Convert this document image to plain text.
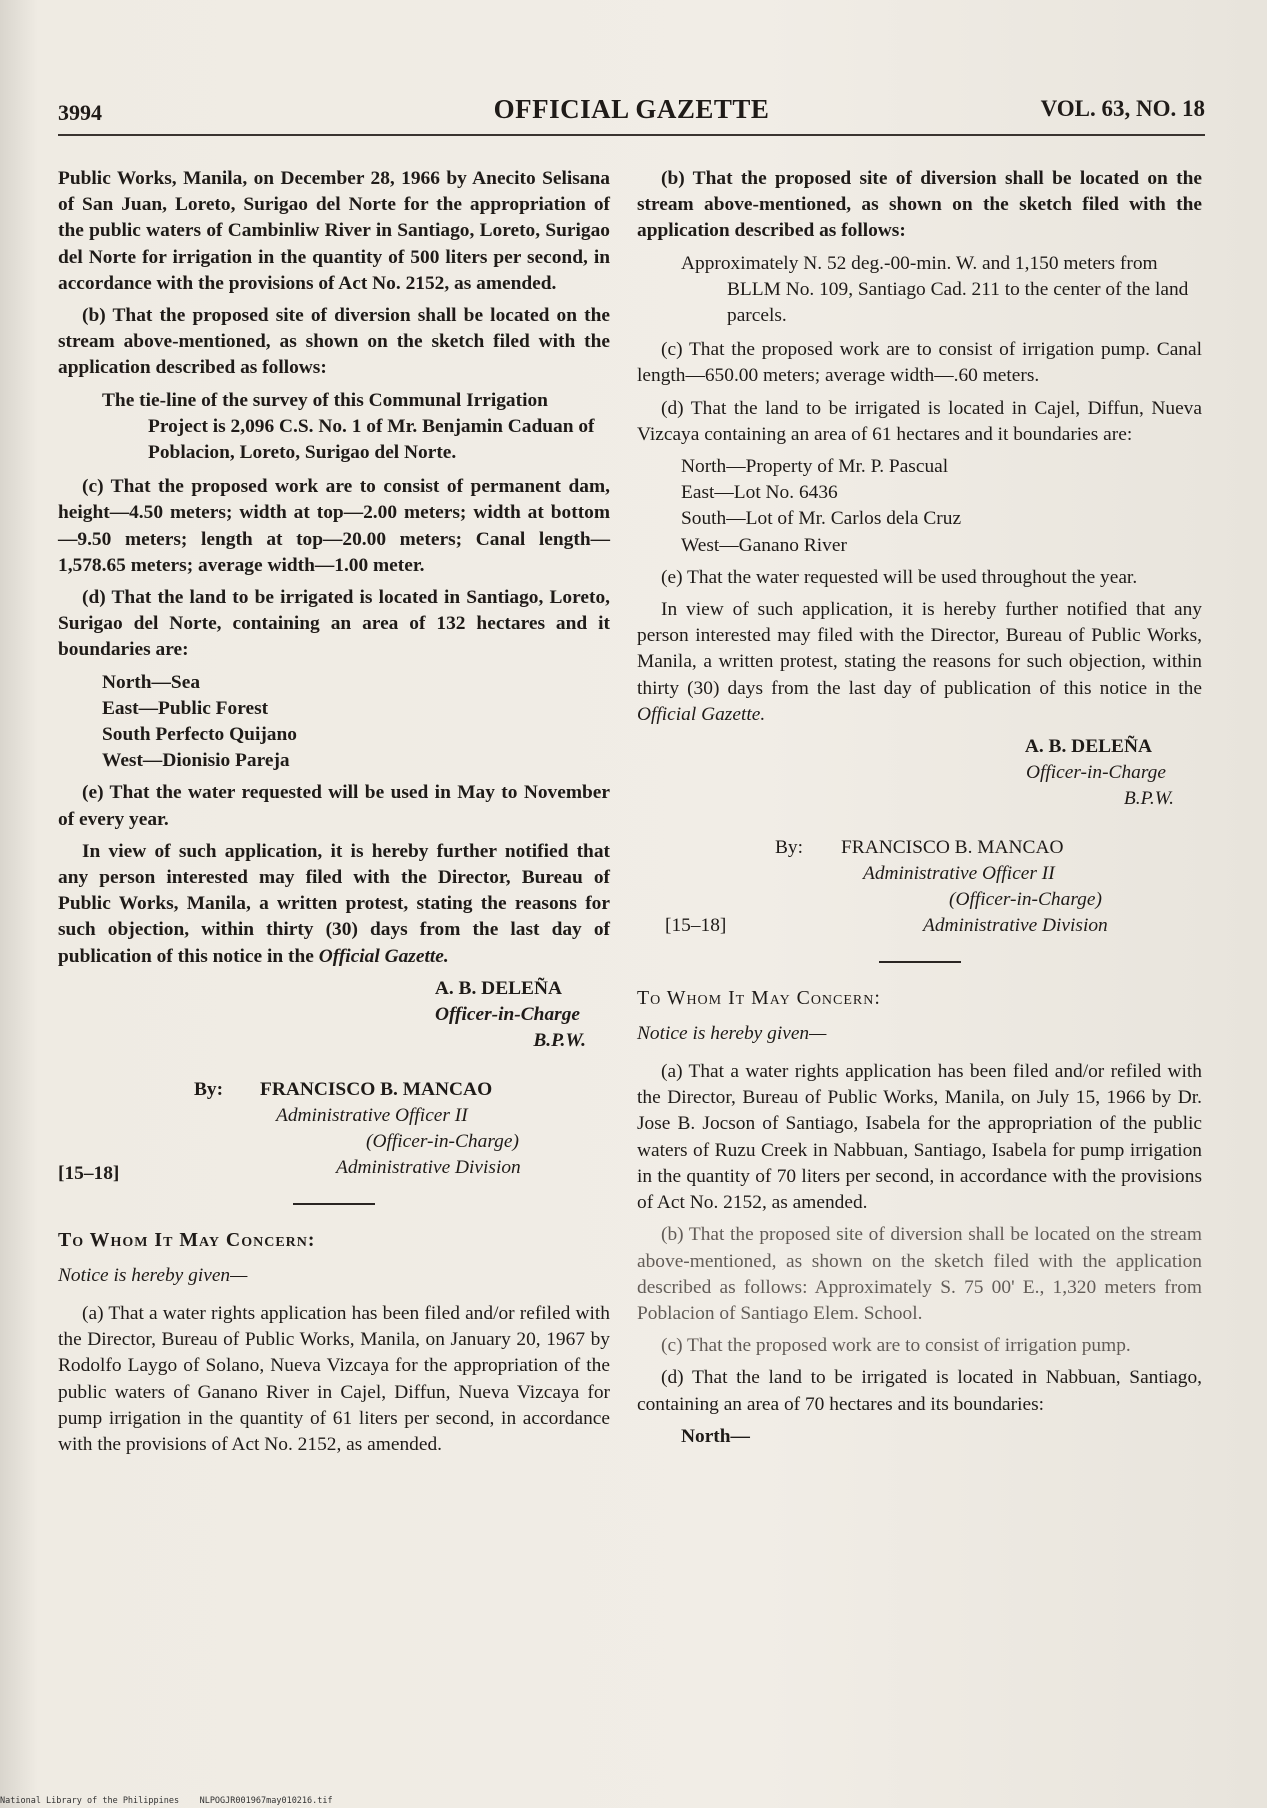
3994	OFFICIAL GAZETTE	VOL. 63, NO. 18

Public Works, Manila, on December 28, 1966 by Anecito Selisana of San Juan, Loreto, Surigao del Norte for the appropriation of the public waters of Cambinliw River in Santiago, Loreto, Surigao del Norte for irrigation in the quantity of 500 liters per second, in accordance with the provisions of Act No. 2152, as amended.

(b) That the proposed site of diversion shall be located on the stream above-mentioned, as shown on the sketch filed with the application described as follows:

The tie-line of the survey of this Communal Irrigation Project is 2,096 C.S. No. 1 of Mr. Benjamin Caduan of Poblacion, Loreto, Surigao del Norte.

(c) That the proposed work are to consist of permanent dam, height—4.50 meters; width at top—2.00 meters; width at bottom—9.50 meters; length at top—20.00 meters; Canal length—1,578.65 meters; average width—1.00 meter.

(d) That the land to be irrigated is located in Santiago, Loreto, Surigao del Norte, containing an area of 132 hectares and it boundaries are:

North—Sea
East—Public Forest
South Perfecto Quijano
West—Dionisio Pareja

(e) That the water requested will be used in May to November of every year.

In view of such application, it is hereby further notified that any person interested may filed with the Director, Bureau of Public Works, Manila, a written protest, stating the reasons for such objection, within thirty (30) days from the last day of publication of this notice in the Official Gazette.

A. B. DELEÑA
Officer-in-Charge
B.P.W.
By: FRANCISCO B. MANCAO
Administrative Officer II
(Officer-in-Charge)
Administrative Division
[15–18]
To Whom It May Concern:

Notice is hereby given—

(a) That a water rights application has been filed and/or refiled with the Director, Bureau of Public Works, Manila, on January 20, 1967 by Rodolfo Laygo of Solano, Nueva Vizcaya for the appropriation of the public waters of Ganano River in Cajel, Diffun, Nueva Vizcaya for pump irrigation in the quantity of 61 liters per second, in accordance with the provisions of Act No. 2152, as amended.

(b) That the proposed site of diversion shall be located on the stream above-mentioned, as shown on the sketch filed with the application described as follows:

Approximately N. 52 deg.-00-min. W. and 1,150 meters from BLLM No. 109, Santiago Cad. 211 to the center of the land parcels.

(c) That the proposed work are to consist of irrigation pump. Canal length—650.00 meters; average width—.60 meters.

(d) That the land to be irrigated is located in Cajel, Diffun, Nueva Vizcaya containing an area of 61 hectares and it boundaries are:

North—Property of Mr. P. Pascual
East—Lot No. 6436
South—Lot of Mr. Carlos dela Cruz
West—Ganano River

(e) That the water requested will be used throughout the year.

In view of such application, it is hereby further notified that any person interested may filed with the Director, Bureau of Public Works, Manila, a written protest, stating the reasons for such objection, within thirty (30) days from the last day of publication of this notice in the Official Gazette.

A. B. DELEÑA
Officer-in-Charge
B.P.W.
By: FRANCISCO B. MANCAO
Administrative Officer II
(Officer-in-Charge)
Administrative Division
[15–18]
To Whom It May Concern:

Notice is hereby given—

(a) That a water rights application has been filed and/or refiled with the Director, Bureau of Public Works, Manila, on July 15, 1966 by Dr. Jose B. Jocson of Santiago, Isabela for the appropriation of the public waters of Ruzu Creek in Nabbuan, Santiago, Isabela for pump irrigation in the quantity of 70 liters per second, in accordance with the provisions of Act No. 2152, as amended.

(b) That the proposed site of diversion shall be located on the stream above-mentioned, as shown on the sketch filed with the application described as follows: Approximately S. 75 00' E., 1,320 meters from Poblacion of Santiago Elem. School.

(c) That the proposed work are to consist of irrigation pump.

(d) That the land to be irrigated is located in Nabbuan, Santiago, containing an area of 70 hectares and its boundaries:

North—
National Library of the Philippines    NLPOGJR001967may010216.tif
